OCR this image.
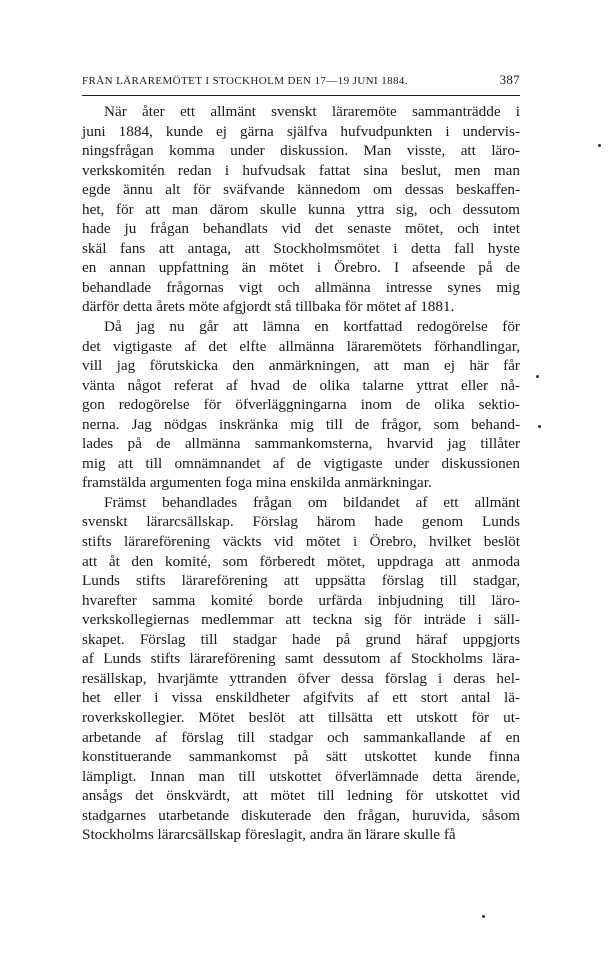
FRÅN LÄRAREMÖTET I STOCKHOLM DEN 17—19 JUNI 1884.	387
När åter ett allmänt svenskt läraremöte sammanträdde i
juni 1884, kunde ej gärna själfva hufvudpunkten i undervis-
ningsfrågan komma under diskussion. Man visste, att läro-
verkskomitén redan i hufvudsak fattat sina beslut, men man
egde ännu alt för sväfvande kännedom om dessas beskaffen-
het, för att man därom skulle kunna yttra sig, och dessutom
hade ju frågan behandlats vid det senaste mötet, och intet
skäl fans att antaga, att Stockholmsmötet i detta fall hyste
en annan uppfattning än mötet i Örebro. I afseende på de
behandlade frågornas vigt och allmänna intresse synes mig
därför detta årets möte afgjordt stå tillbaka för mötet af 1881.
Då jag nu går att lämna en kortfattad redogörelse för
det vigtigaste af det elfte allmänna läraremötets förhandlingar,
vill jag förutskicka den anmärkningen, att man ej här får
vänta något referat af hvad de olika talarne yttrat eller nå-
gon redogörelse för öfverläggningarna inom de olika sektio-
nerna. Jag nödgas inskränka mig till de frågor, som behand-
lades på de allmänna sammankomsterna, hvarvid jag tillåter
mig att till omnämnandet af de vigtigaste under diskussionen
framstälda argumenten foga mina enskilda anmärkningar.
Främst behandlades frågan om bildandet af ett allmänt
svenskt lärarcsällskap. Förslag härom hade genom Lunds
stifts lärareförening väckts vid mötet i Örebro, hvilket beslöt
att åt den komité, som förberedt mötet, uppdraga att anmoda
Lunds stifts lärareförening att uppsätta förslag till stadgar,
hvarefter samma komité borde urfärda inbjudning till läro-
verkskollegiernas medlemmar att teckna sig för inträde i säll-
skapet. Förslag till stadgar hade på grund häraf uppgjorts
af Lunds stifts lärareförening samt dessutom af Stockholms lära-
resällskap, hvarjämte yttranden öfver dessa förslag i deras hel-
het eller i vissa enskildheter afgifvits af ett stort antal lä-
roverkskollegier. Mötet beslöt att tillsätta ett utskott för ut-
arbetande af förslag till stadgar och sammankallande af en
konstituerande sammankomst på sätt utskottet kunde finna
lämpligt. Innan man till utskottet öfverlämnade detta ärende,
ansågs det önskvärdt, att mötet till ledning för utskottet vid
stadgarnes utarbetande diskuterade den frågan, huruvida, såsom
Stockholms lärarcsällskap föreslagit, andra än lärare skulle få
